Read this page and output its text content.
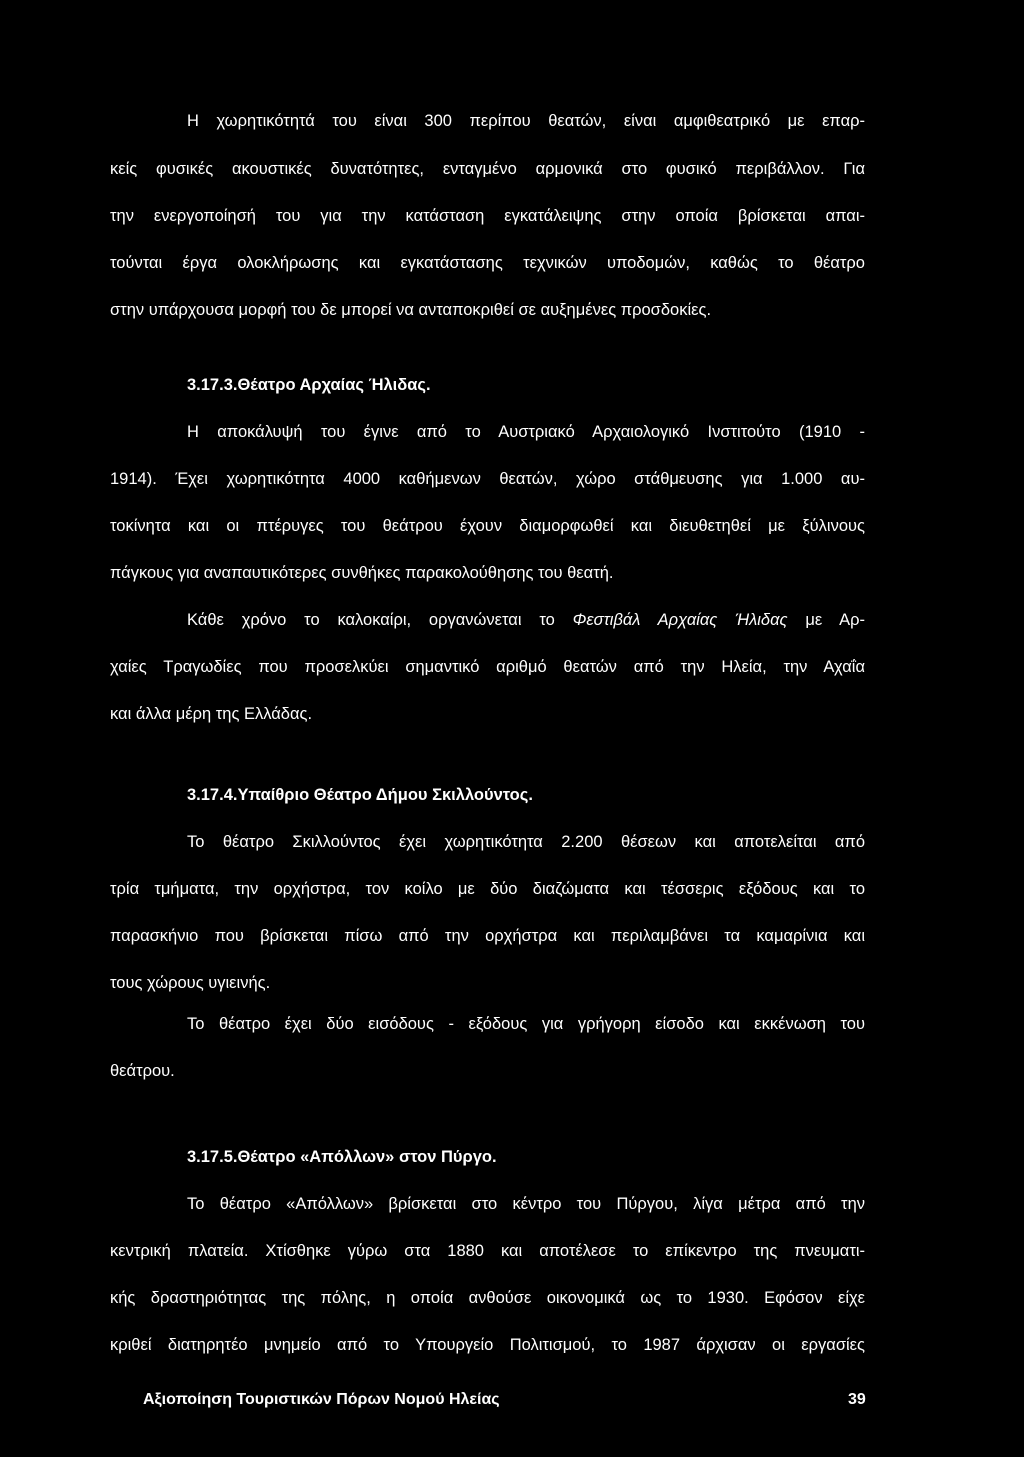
Η χωρητικότητά του είναι 300 περίπου θεατών, είναι αμφιθεατρικό με επαρ-
κείς φυσικές ακουστικές δυνατότητες, ενταγμένο αρμονικά στο φυσικό περιβάλλον. Για
την ενεργοποίησή του για την κατάσταση εγκατάλειψης στην οποία βρίσκεται απαι-
τούνται έργα ολοκλήρωσης και εγκατάστασης τεχνικών υποδομών, καθώς το θέατρο
στην υπάρχουσα μορφή του δε μπορεί να ανταποκριθεί σε αυξημένες προσδοκίες.
3.17.3.Θέατρο Αρχαίας Ήλιδας.
Η αποκάλυψή του έγινε από το Αυστριακό Αρχαιολογικό Ινστιτούτο (1910 -
1914). Έχει χωρητικότητα 4000 καθήμενων θεατών, χώρο στάθμευσης για 1.000 αυ-
τοκίνητα και οι πτέρυγες του θεάτρου έχουν διαμορφωθεί και διευθετηθεί με ξύλινους
πάγκους για αναπαυτικότερες συνθήκες παρακολούθησης του θεατή.
Κάθε χρόνο το καλοκαίρι, οργανώνεται το Φεστιβάλ Αρχαίας Ήλιδας με Αρ-
χαίες Τραγωδίες που προσελκύει σημαντικό αριθμό θεατών από την Ηλεία, την Αχαΐα
και άλλα μέρη της Ελλάδας.
3.17.4.Υπαίθριο Θέατρο Δήμου Σκιλλούντος.
Το θέατρο Σκιλλούντος έχει χωρητικότητα 2.200 θέσεων και αποτελείται από
τρία τμήματα, την ορχήστρα, τον κοίλο με δύο διαζώματα και τέσσερις εξόδους και το
παρασκήνιο που βρίσκεται πίσω από την ορχήστρα και περιλαμβάνει τα καμαρίνια και
τους χώρους υγιεινής.
Το θέατρο έχει δύο εισόδους - εξόδους για γρήγορη είσοδο και εκκένωση του
θεάτρου.
3.17.5.Θέατρο «Απόλλων» στον Πύργο.
Το θέατρο «Απόλλων» βρίσκεται στο κέντρο του Πύργου, λίγα μέτρα από την
κεντρική πλατεία. Χτίσθηκε γύρω στα 1880 και αποτέλεσε το επίκεντρο της πνευματι-
κής δραστηριότητας της πόλης, η οποία ανθούσε οικονομικά ως το 1930. Εφόσον είχε
κριθεί διατηρητέο μνημείο από το Υπουργείο Πολιτισμού, το 1987 άρχισαν οι εργασίες
Αξιοποίηση Τουριστικών Πόρων Νομού Ηλείας	39
